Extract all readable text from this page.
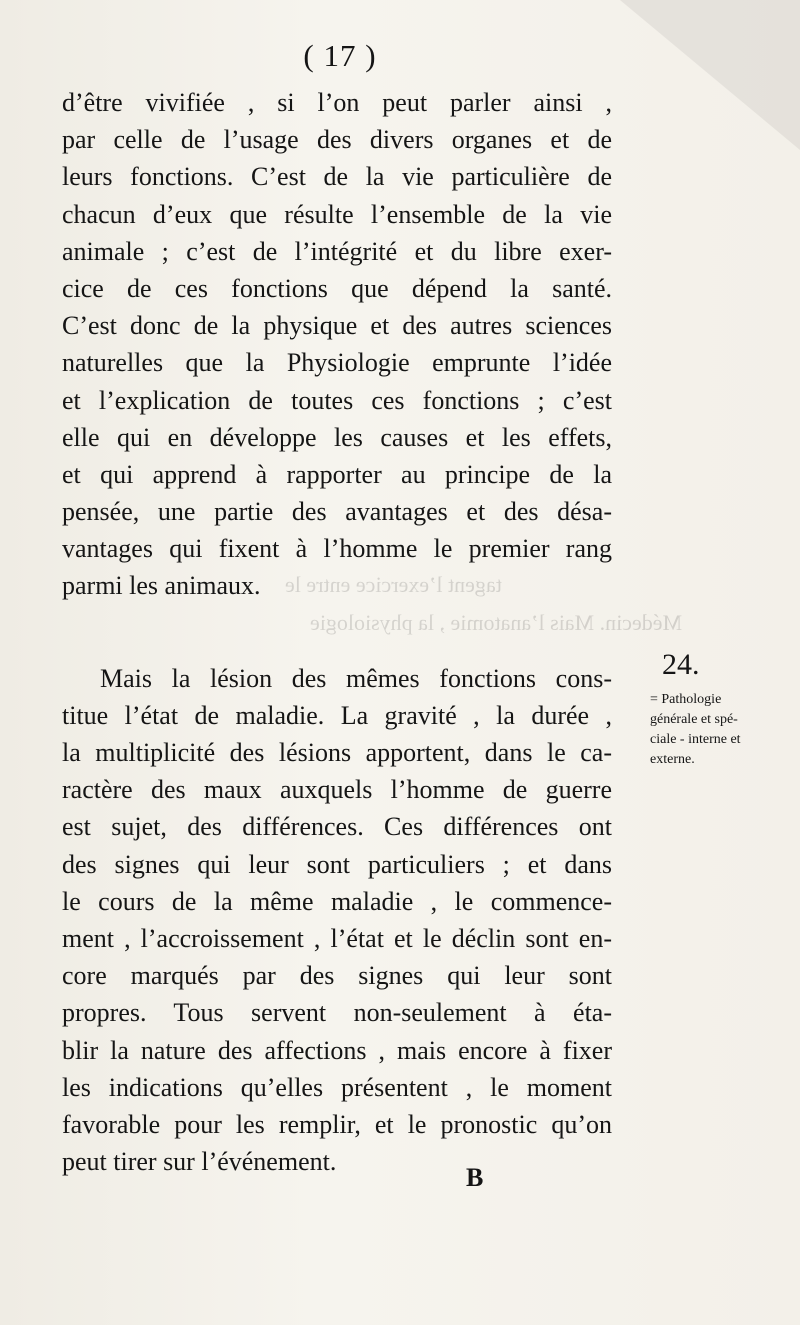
tagent l’exercice entre le
Médecin. Mais l’anatomie , la physiologie
( 17 )
d’être vivifiée , si l’on peut parler ainsi ,
par celle de l’usage des divers organes et de
leurs fonctions. C’est de la vie particulière de
chacun d’eux que résulte l’ensemble de la vie
animale ; c’est de l’intégrité et du libre exer-
cice de ces fonctions que dépend la santé.
C’est donc de la physique et des autres sciences
naturelles que la Physiologie emprunte l’idée
et l’explication de toutes ces fonctions ; c’est
elle qui en développe les causes et les effets,
et qui apprend à rapporter au principe de la
pensée, une partie des avantages et des désa-
vantages qui fixent à l’homme le premier rang
parmi les animaux.
Mais la lésion des mêmes fonctions cons-
titue l’état de maladie. La gravité , la durée ,
la multiplicité des lésions apportent, dans le ca-
ractère des maux auxquels l’homme de guerre
est sujet, des différences. Ces différences ont
des signes qui leur sont particuliers ; et dans
le cours de la même maladie , le commence-
ment , l’accroissement , l’état et le déclin sont en-
core marqués par des signes qui leur sont
propres. Tous servent non-seulement à éta-
blir la nature des affections , mais encore à fixer
les indications qu’elles présentent , le moment
favorable pour les remplir, et le pronostic qu’on
peut tirer sur l’événement.
24.
= Pathologie
générale et spé-
ciale - interne et
externe.
B
